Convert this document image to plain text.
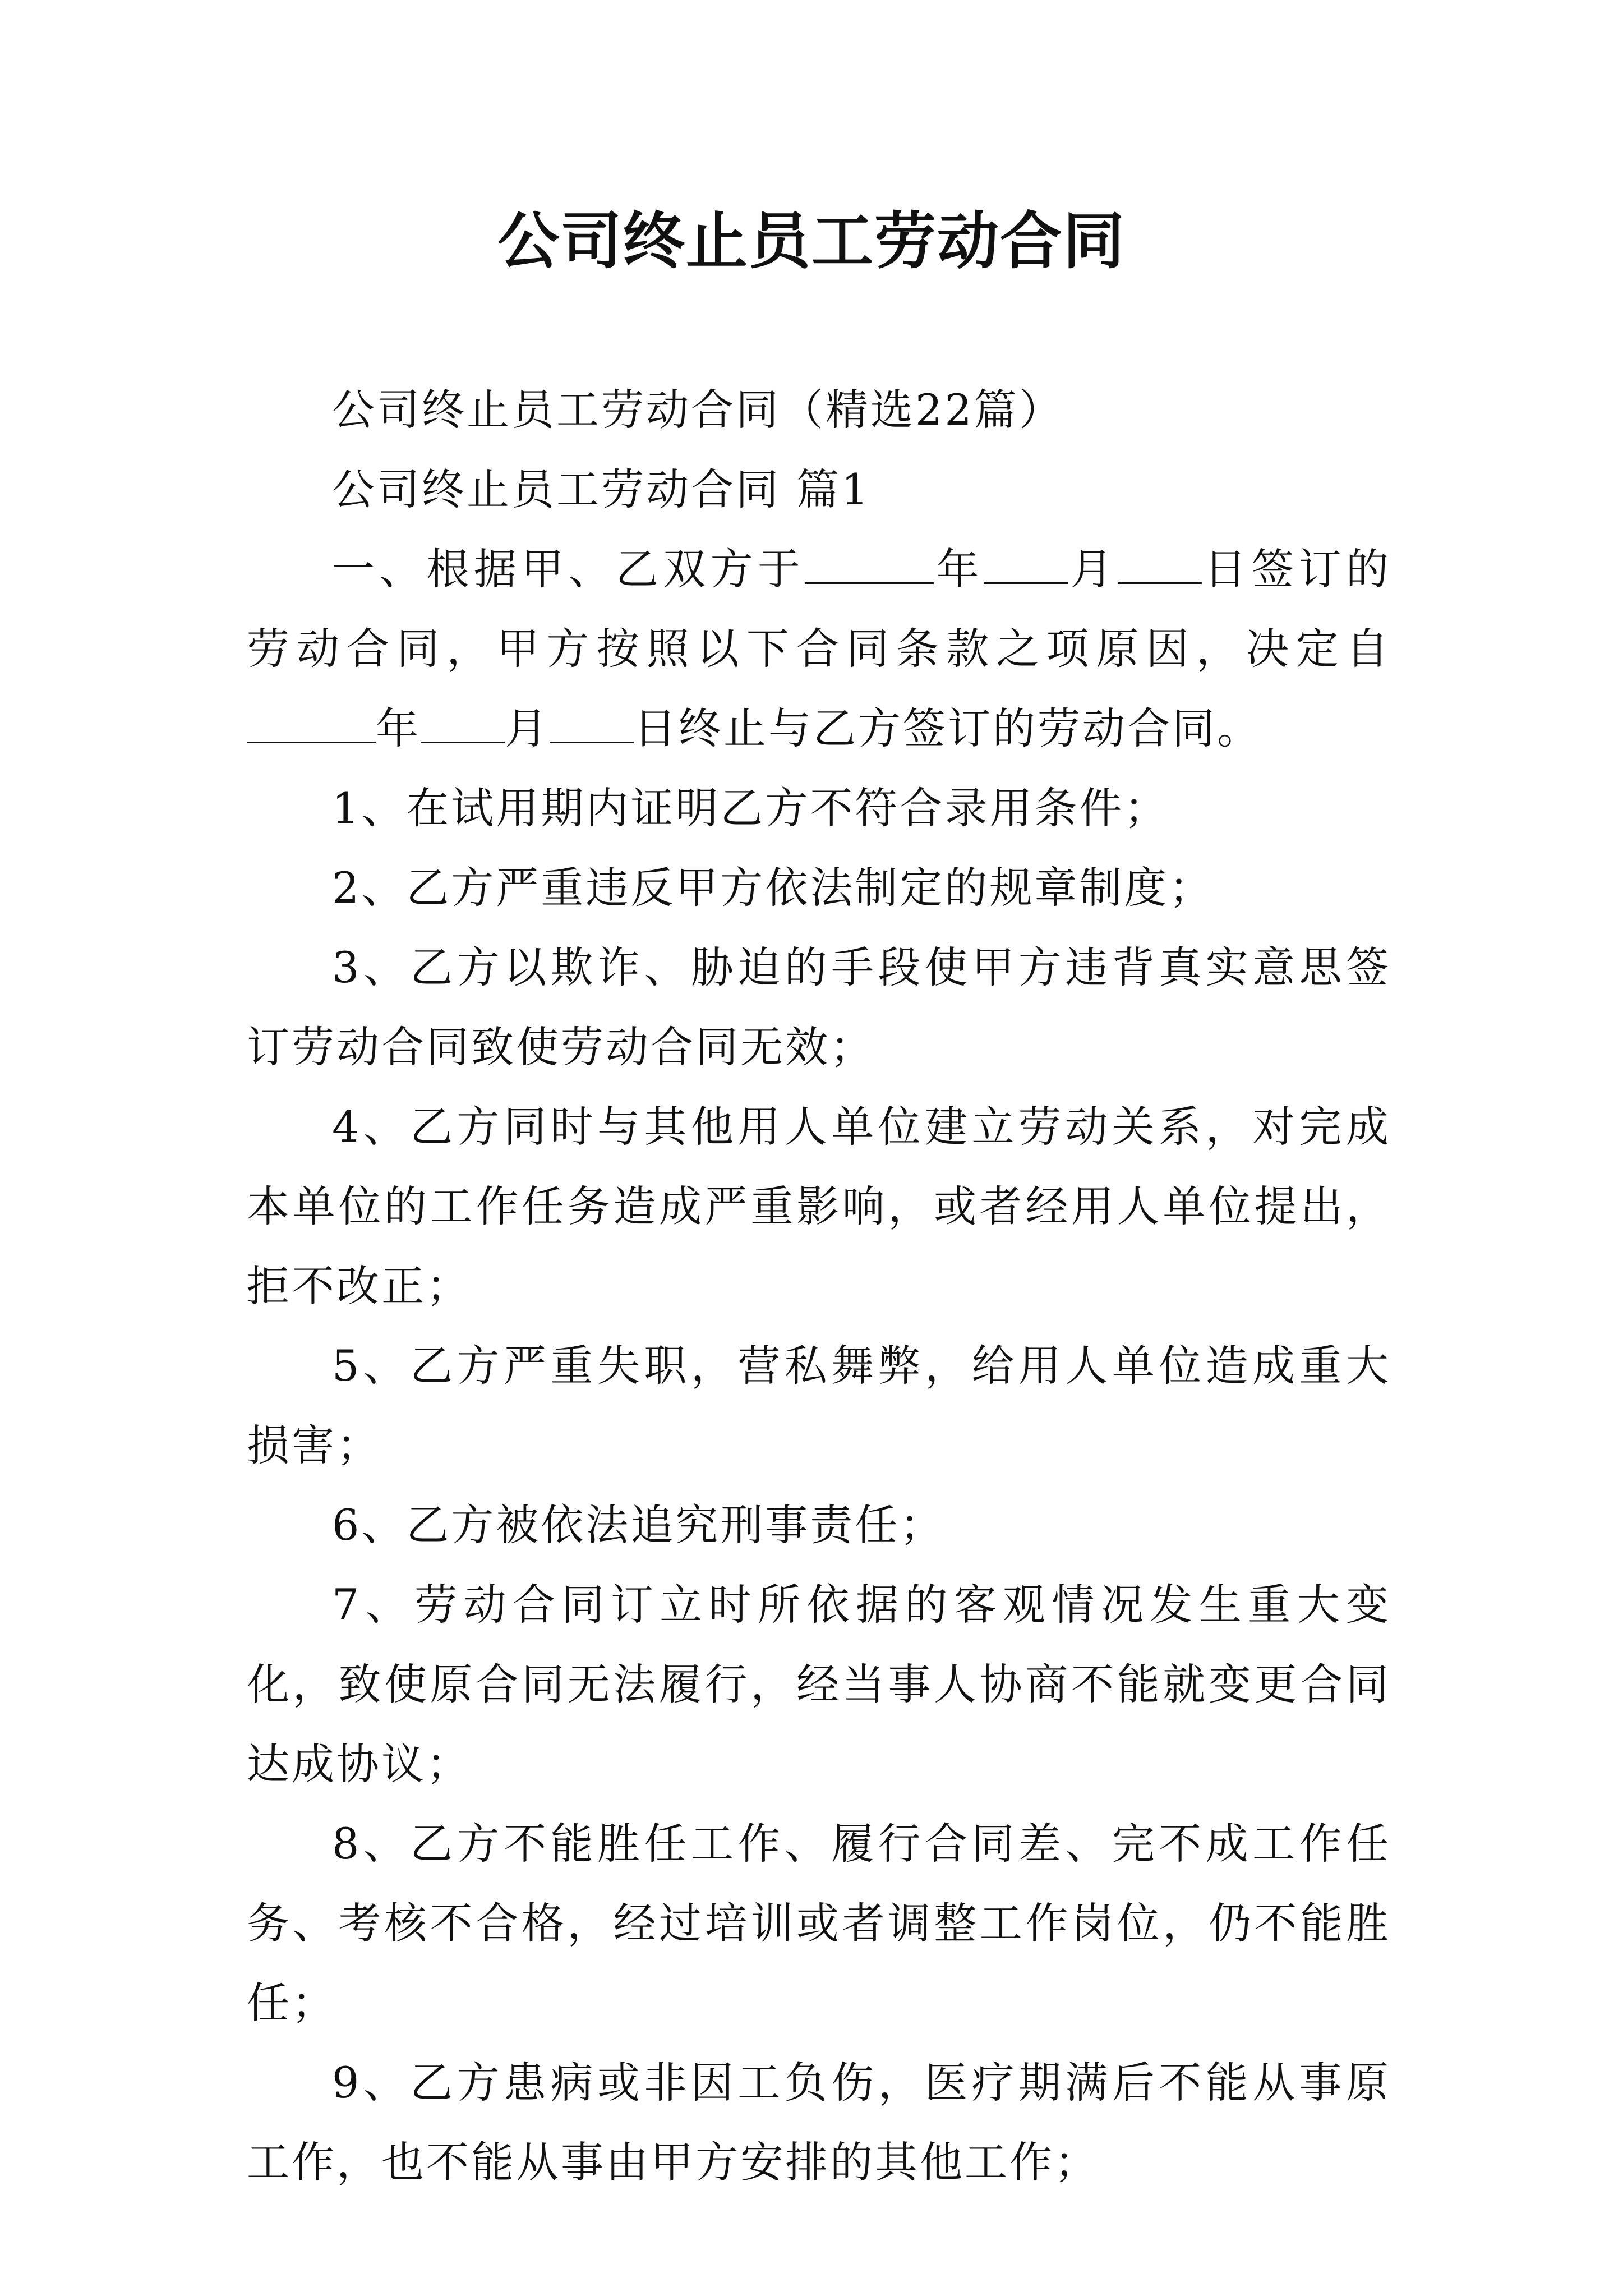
公司终止员工劳动合同

公司终止员工劳动合同（精选22篇）

公司终止员工劳动合同 篇1

一、根据甲、乙双方于	年 月 日签订的劳动合同，甲方按照以下合同条款之项原因，决定自年 月 日终止与乙方签订的劳动合同。

1、在试用期内证明乙方不符合录用条件；

2、乙方严重违反甲方依法制定的规章制度；

3、乙方以欺诈、胁迫的手段使甲方违背真实意思签订劳动合同致使劳动合同无效；

4、乙方同时与其他用人单位建立劳动关系，对完成本单位的工作任务造成严重影响，或者经用人单位提出，拒不改正；

5、乙方严重失职，营私舞弊，给用人单位造成重大损害；

6、乙方被依法追究刑事责任；

7、劳动合同订立时所依据的客观情况发生重大变化，致使原合同无法履行，经当事人协商不能就变更合同达成协议；

8、乙方不能胜任工作、履行合同差、完不成工作任务、考核不合格，经过培训或者调整工作岗位，仍不能胜任；

9、乙方患病或非因工负伤，医疗期满后不能从事原工作，也不能从事由甲方安排的其他工作；
